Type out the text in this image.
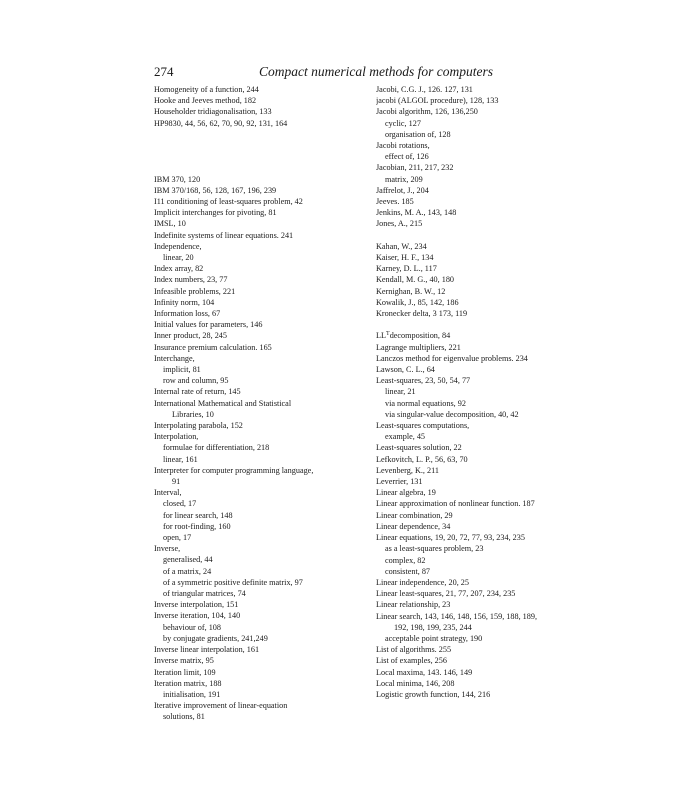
274	Compact numerical methods for computers
Homogeneity of a function, 244
Hooke and Jeeves method, 182
Householder tridiagonalisation, 133
HP9830, 44, 56, 62, 70, 90, 92, 131, 164
IBM 370, 120
IBM 370/168, 56, 128, 167, 196, 239
I11 conditioning of least-squares problem, 42
Implicit interchanges for pivoting, 81
IMSL, 10
Indefinite systems of linear equations. 241
Independence,
linear, 20
Index array, 82
Index numbers, 23, 77
Infeasible problems, 221
Infinity norm, 104
Information loss, 67
Initial values for parameters, 146
Inner product, 28, 245
Insurance premium calculation. 165
Interchange,
implicit, 81
row and column, 95
Internal rate of return, 145
International Mathematical and Statistical
Libraries, 10
Interpolating parabola, 152
Interpolation,
formulae for differentiation, 218
linear, 161
Interpreter for computer programming language,
91
Interval,
closed, 17
for linear search, 148
for root-finding, 160
open, 17
Inverse,
generalised, 44
of a matrix, 24
of a symmetric positive definite matrix, 97
of triangular matrices, 74
Inverse interpolation, 151
Inverse iteration, 104, 140
behaviour of, 108
by conjugate gradients, 241,249
Inverse linear interpolation, 161
Inverse matrix, 95
Iteration limit, 109
Iteration matrix, 188
initialisation, 191
Iterative improvement of linear-equation
solutions, 81
Jacobi, C.G. J., 126. 127, 131
jacobi (ALGOL procedure), 128, 133
Jacobi algorithm, 126, 136,250
cyclic, 127
organisation of, 128
Jacobi rotations,
effect of, 126
Jacobian, 211, 217, 232
matrix, 209
Jaffrelot, J., 204
Jeeves. 185
Jenkins, M. A., 143, 148
Jones, A., 215
Kahan, W., 234
Kaiser, H. F., 134
Karney, D. L., 117
Kendall, M. G., 40, 180
Kernighan, B. W., 12
Kowalik, J., 85, 142, 186
Kronecker delta, 3 173, 119
$LL^Tdecomposition$, 84
Lagrange multipliers, 221
Lanczos method for eigenvalue problems. 234
Lawson, C. L., 64
Least-squares, 23, 50, 54, 77
linear, 21
via normal equations, 92
via singular-value decomposition, 40, 42
Least-squares computations,
example, 45
Least-squares solution, 22
Lefkovitch, L. P., 56, 63, 70
Levenberg, K., 211
Leverrier, 131
Linear algebra, 19
Linear approximation of nonlinear function. 187
Linear combination, 29
Linear dependence, 34
Linear equations, 19, 20, 72, 77, 93, 234, 235
as a least-squares problem, 23
complex, 82
consistent, 87
Linear independence, 20, 25
Linear least-squares, 21, 77, 207, 234, 235
Linear relationship, 23
Linear search, 143, 146, 148, 156, 159, 188, 189,
192, 198, 199, 235, 244
acceptable point strategy, 190
List of algorithms. 255
List of examples, 256
Local maxima, 143. 146, 149
Local minima, 146, 208
Logistic growth function, 144, 216
